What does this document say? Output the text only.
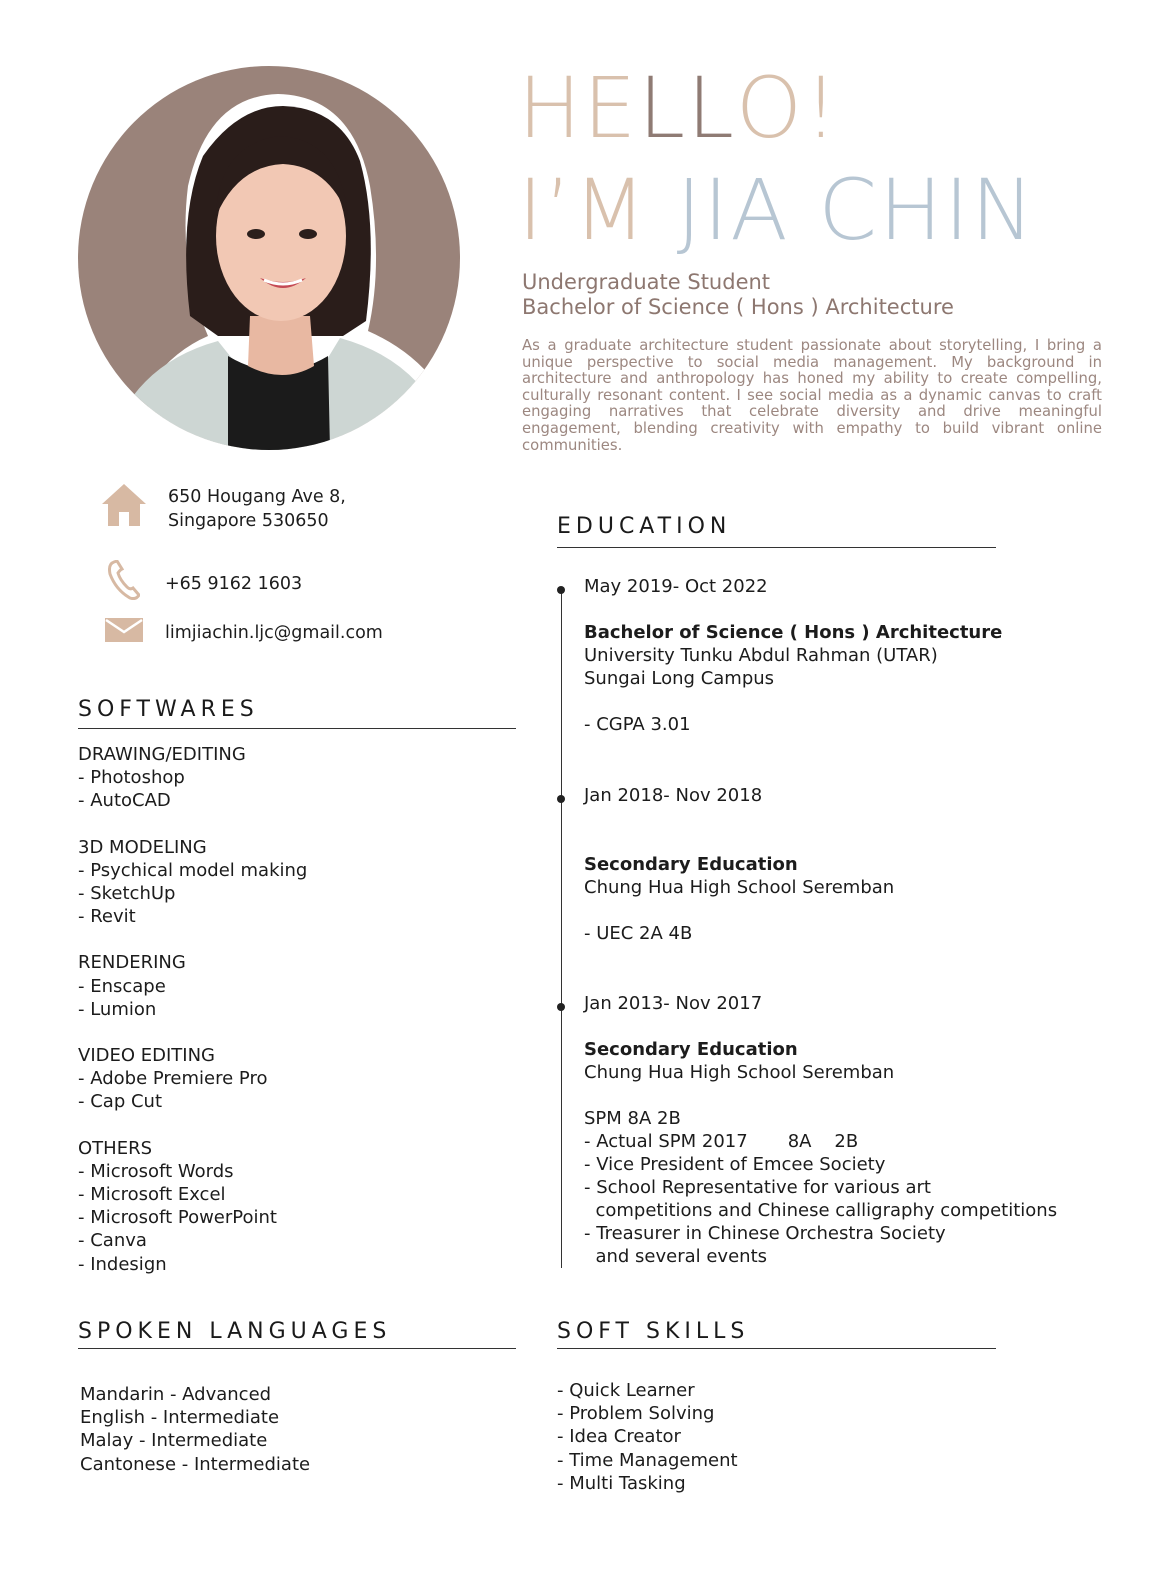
HELLO!
I’M JIA CHIN
Undergraduate Student
Bachelor of Science ( Hons ) Architecture
As a graduate architecture student passionate about storytelling, I bring a unique perspective to social media management. My background in architecture and anthropology has honed my ability to create compelling, culturally resonant content. I see social media as a dynamic canvas to craft engaging narratives that celebrate diversity and drive meaningful engagement, blending creativity with empathy to build vibrant online communities.
650 Hougang Ave 8,
Singapore 530650
+65 9162 1603
limjiachin.ljc@gmail.com
SOFTWARES
DRAWING/EDITING
- Photoshop
- AutoCAD
3D MODELING
- Psychical model making
- SketchUp
- Revit
RENDERING
- Enscape
- Lumion
VIDEO EDITING
- Adobe Premiere Pro
- Cap Cut
OTHERS
- Microsoft Words
- Microsoft Excel
- Microsoft PowerPoint
- Canva
- Indesign
EDUCATION
May 2019- Oct 2022
Bachelor of Science ( Hons ) Architecture
University Tunku Abdul Rahman (UTAR)
Sungai Long Campus
- CGPA 3.01
Jan 2018- Nov 2018
Secondary Education
Chung Hua High School Seremban
- UEC 2A 4B
Jan 2013- Nov 2017
Secondary Education
Chung Hua High School Seremban
SPM 8A 2B
- Actual SPM 2017       8A    2B
- Vice President of Emcee Society
- School Representative for various art
competitions and Chinese calligraphy competitions
- Treasurer in Chinese Orchestra Society
and several events
SPOKEN LANGUAGES
Mandarin - Advanced
English - Intermediate
Malay - Intermediate
Cantonese - Intermediate
SOFT SKILLS
- Quick Learner
- Problem Solving
- Idea Creator
- Time Management
- Multi Tasking
